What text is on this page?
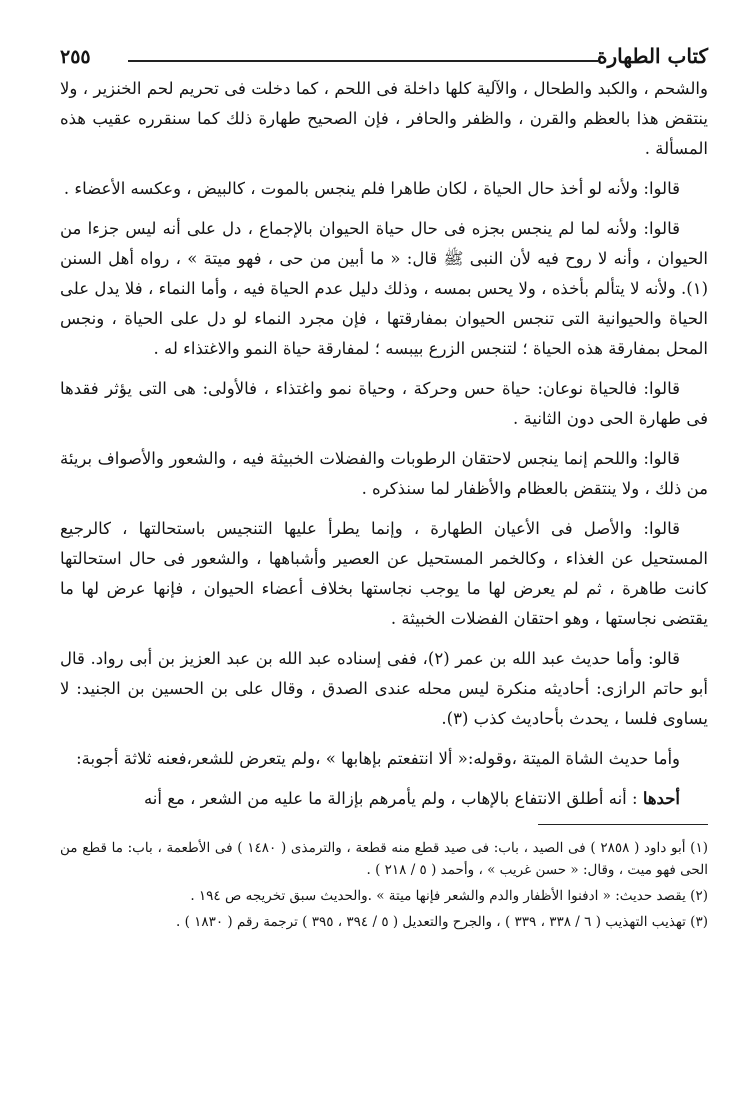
كتاب الطهارة
٢٥٥

والشحم ، والكبد والطحال ، والآلية كلها داخلة فى اللحم ، كما دخلت فى تحريم لحم الخنزير ، ولا ينتقض هذا بالعظم والقرن ، والظفر والحافر ، فإن الصحيح طهارة ذلك كما سنقرره عقيب هذه المسألة .

قالوا: ولأنه لو أخذ حال الحياة ، لكان طاهرا فلم ينجس بالموت ، كالبيض ، وعكسه الأعضاء .

قالوا: ولأنه لما لم ينجس بجزه فى حال حياة الحيوان بالإجماع ، دل على أنه ليس جزءا من الحيوان ، وأنه لا روح فيه لأن النبى ﷺ قال: « ما أبين من حى ، فهو ميتة » ، رواه أهل السنن (١). ولأنه لا يتألم بأخذه ، ولا يحس بمسه ، وذلك دليل عدم الحياة فيه ، وأما النماء ، فلا يدل على الحياة والحيوانية التى تنجس الحيوان بمفارقتها ، فإن مجرد النماء لو دل على الحياة ، ونجس المحل بمفارقة هذه الحياة ؛ لتنجس الزرع بيبسه ؛ لمفارقة حياة النمو والاغتذاء له .

قالوا: فالحياة نوعان: حياة حس وحركة ، وحياة نمو واغتذاء ، فالأولى: هى التى يؤثر فقدها فى طهارة الحى دون الثانية .

قالوا: واللحم إنما ينجس لاحتقان الرطوبات والفضلات الخبيثة فيه ، والشعور والأصواف بريئة من ذلك ، ولا ينتقض بالعظام والأظفار لما سنذكره .

قالوا: والأصل فى الأعيان الطهارة ، وإنما يطرأ عليها التنجيس باستحالتها ، كالرجيع المستحيل عن الغذاء ، وكالخمر المستحيل عن العصير وأشباهها ، والشعور فى حال استحالتها كانت طاهرة ، ثم لم يعرض لها ما يوجب نجاستها بخلاف أعضاء الحيوان ، فإنها عرض لها ما يقتضى نجاستها ، وهو احتقان الفضلات الخبيثة .

قالو: وأما حديث عبد الله بن عمر (٢)، ففى إسناده عبد الله بن عبد العزيز بن أبى رواد. قال أبو حاتم الرازى: أحاديثه منكرة ليس محله عندى الصدق ، وقال على بن الحسين بن الجنيد: لا يساوى فلسا ، يحدث بأحاديث كذب (٣).

وأما حديث الشاة الميتة ،وقوله:« ألا انتفعتم بإهابها » ،ولم يتعرض للشعر،فعنه ثلاثة أجوبة:

أحدها : أنه أطلق الانتفاع بالإهاب ، ولم يأمرهم بإزالة ما عليه من الشعر ، مع أنه

(١) أبو داود ( ٢٨٥٨ ) فى الصيد ، باب: فى صيد قطع منه قطعة ، والترمذى ( ١٤٨٠ ) فى الأطعمة ، باب: ما قطع من الحى فهو ميت ، وقال: « حسن غريب » ، وأحمد ( ٥ / ٢١٨ ) .

(٢) يقصد حديث: « ادفنوا الأظفار والدم والشعر فإنها ميتة » .والحديث سبق تخريجه ص ١٩٤ .

(٣) تهذيب التهذيب ( ٦ / ٣٣٨ ، ٣٣٩ ) ، والجرح والتعديل ( ٥ / ٣٩٤ ، ٣٩٥ ) ترجمة رقم ( ١٨٣٠ ) .
